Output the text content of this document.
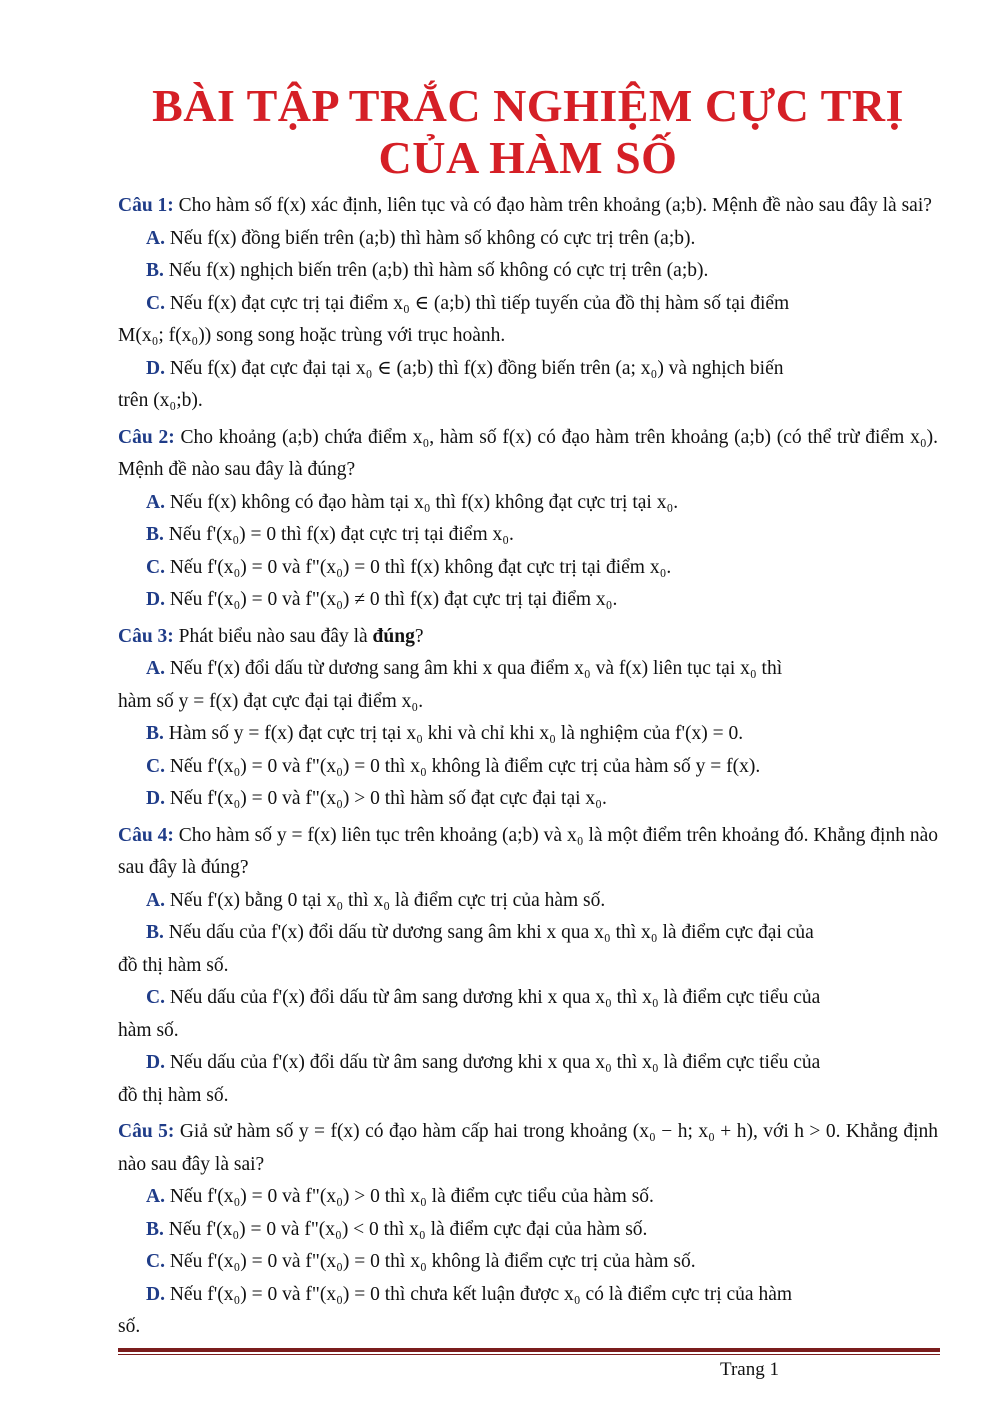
BÀI TẬP TRẮC NGHIỆM CỰC TRỊ
CỦA HÀM SỐ
Câu 1: Cho hàm số f(x) xác định, liên tục và có đạo hàm trên khoảng (a;b). Mệnh đề nào sau đây là sai?
A. Nếu f(x) đồng biến trên (a;b) thì hàm số không có cực trị trên (a;b).
B. Nếu f(x) nghịch biến trên (a;b) thì hàm số không có cực trị trên (a;b).
C. Nếu f(x) đạt cực trị tại điểm x₀ ∈ (a;b) thì tiếp tuyến của đồ thị hàm số tại điểm
M(x₀; f(x₀)) song song hoặc trùng với trục hoành.
D. Nếu f(x) đạt cực đại tại x₀ ∈ (a;b) thì f(x) đồng biến trên (a; x₀) và nghịch biến
trên (x₀;b).
Câu 2: Cho khoảng (a;b) chứa điểm x₀, hàm số f(x) có đạo hàm trên khoảng (a;b) (có thể trừ điểm x₀). Mệnh đề nào sau đây là đúng?
A. Nếu f(x) không có đạo hàm tại x₀ thì f(x) không đạt cực trị tại x₀.
B. Nếu f'(x₀) = 0 thì f(x) đạt cực trị tại điểm x₀.
C. Nếu f'(x₀) = 0 và f"(x₀) = 0 thì f(x) không đạt cực trị tại điểm x₀.
D. Nếu f'(x₀) = 0 và f"(x₀) ≠ 0 thì f(x) đạt cực trị tại điểm x₀.
Câu 3: Phát biểu nào sau đây là đúng?
A. Nếu f'(x) đổi dấu từ dương sang âm khi x qua điểm x₀ và f(x) liên tục tại x₀ thì
hàm số y = f(x) đạt cực đại tại điểm x₀.
B. Hàm số y = f(x) đạt cực trị tại x₀ khi và chỉ khi x₀ là nghiệm của f'(x) = 0.
C. Nếu f'(x₀) = 0 và f"(x₀) = 0 thì x₀ không là điểm cực trị của hàm số y = f(x).
D. Nếu f'(x₀) = 0 và f"(x₀) > 0 thì hàm số đạt cực đại tại x₀.
Câu 4: Cho hàm số y = f(x) liên tục trên khoảng (a;b) và x₀ là một điểm trên khoảng đó. Khẳng định nào sau đây là đúng?
A. Nếu f'(x) bằng 0 tại x₀ thì x₀ là điểm cực trị của hàm số.
B. Nếu dấu của f'(x) đổi dấu từ dương sang âm khi x qua x₀ thì x₀ là điểm cực đại của
đồ thị hàm số.
C. Nếu dấu của f'(x) đổi dấu từ âm sang dương khi x qua x₀ thì x₀ là điểm cực tiểu của
hàm số.
D. Nếu dấu của f'(x) đổi dấu từ âm sang dương khi x qua x₀ thì x₀ là điểm cực tiểu của
đồ thị hàm số.
Câu 5: Giả sử hàm số y = f(x) có đạo hàm cấp hai trong khoảng (x₀ − h; x₀ + h), với h > 0. Khẳng định nào sau đây là sai?
A. Nếu f'(x₀) = 0 và f"(x₀) > 0 thì x₀ là điểm cực tiểu của hàm số.
B. Nếu f'(x₀) = 0 và f"(x₀) < 0 thì x₀ là điểm cực đại của hàm số.
C. Nếu f'(x₀) = 0 và f"(x₀) = 0 thì x₀ không là điểm cực trị của hàm số.
D. Nếu f'(x₀) = 0 và f"(x₀) = 0 thì chưa kết luận được x₀ có là điểm cực trị của hàm
số.
Trang 1
